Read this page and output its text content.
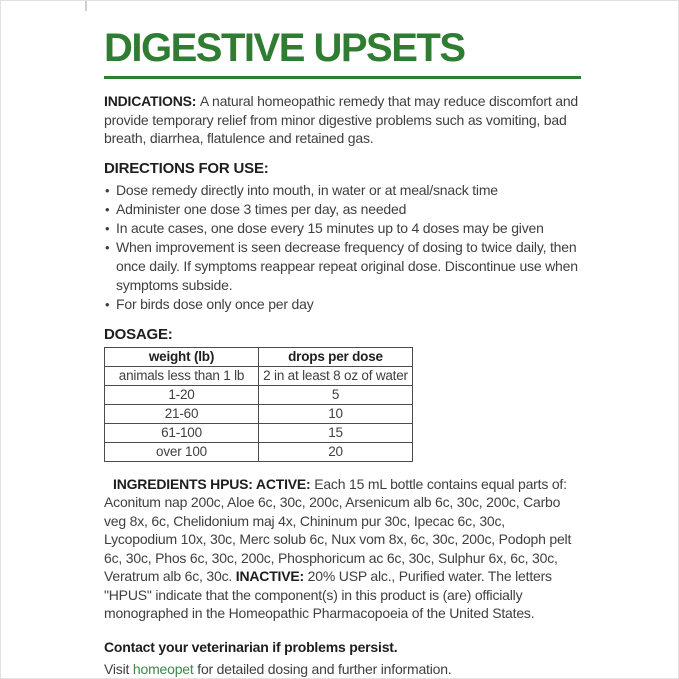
DIGESTIVE UPSETS

INDICATIONS: A natural homeopathic remedy that may reduce discomfort and provide temporary relief from minor digestive problems such as vomiting, bad breath, diarrhea, flatulence and retained gas.

DIRECTIONS FOR USE:
• Dose remedy directly into mouth, in water or at meal/snack time
• Administer one dose 3 times per day, as needed
• In acute cases, one dose every 15 minutes up to 4 doses may be given
• When improvement is seen decrease frequency of dosing to twice daily, then once daily. If symptoms reappear repeat original dose. Discontinue use when symptoms subside.
• For birds dose only once per day
DOSAGE:
weight (lb)	drops per dose
animals less than 1 lb	2 in at least 8 oz of water
1-20	5
21-60	10
61-100	15
over 100	20

INGREDIENTS HPUS: ACTIVE: Each 15 mL bottle contains equal parts of: Aconitum nap 200c, Aloe 6c, 30c, 200c, Arsenicum alb 6c, 30c, 200c, Carbo veg 8x, 6c, Chelidonium maj 4x, Chininum pur 30c, Ipecac 6c, 30c, Lycopodium 10x, 30c, Merc solub 6c, Nux vom 8x, 6c, 30c, 200c, Podoph pelt 6c, 30c, Phos 6c, 30c, 200c, Phosphoricum ac 6c, 30c, Sulphur 6x, 6c, 30c, Veratrum alb 6c, 30c. INACTIVE: 20% USP alc., Purified water. The letters "HPUS" indicate that the component(s) in this product is (are) officially monographed in the Homeopathic Pharmacopoeia of the United States.

Contact your veterinarian if problems persist.
Visit homeopet for detailed dosing and further information.
